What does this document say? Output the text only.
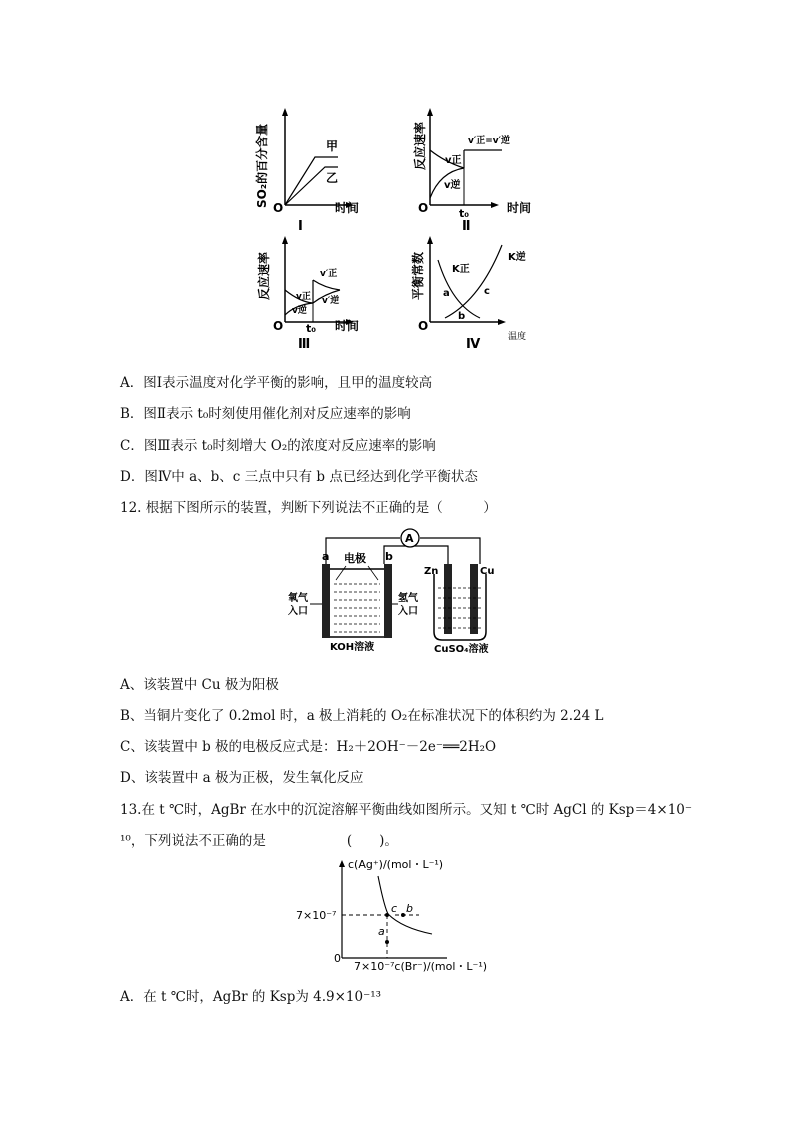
甲
乙
O	时间
SO₂的百分含量
Ⅰ
v正
v逆
v′正=v′逆
O	t₀	时间
反应速率
Ⅱ
v正
v逆
v′正
v′逆
O t₀ 时间
反应速率
Ⅲ
K正
K逆
a
b
c
O
温度
平衡常数
Ⅳ
A．图Ⅰ表示温度对化学平衡的影响，且甲的温度较高
B．图Ⅱ表示 t₀时刻使用催化剂对反应速率的影响
C．图Ⅲ表示 t₀时刻增大 O₂的浓度对反应速率的影响
D．图Ⅳ中 a、b、c 三点中只有 b 点已经达到化学平衡状态
12. 根据下图所示的装置，判断下列说法不正确的是（　　　）
A
a	b
电极
氧气
入口
氢气
入口
KOH溶液
Zn	Cu
CuSO₄溶液
A、该装置中 Cu 极为阳极
B、当铜片变化了 0.2mol 时，a 极上消耗的 O₂在标准状况下的体积约为 2.24 L
C、该装置中 b 极的电极反应式是：H₂＋2OH⁻－2e⁻══2H₂O
D、该装置中 a 极为正极，发生氧化反应
13.在 t ℃时，AgBr 在水中的沉淀溶解平衡曲线如图所示。又知 t ℃时 AgCl 的 Ksp＝4×10⁻
¹⁰，下列说法不正确的是　　　　　　(　　)。
c b
a
c(Ag⁺)/(mol・L⁻¹)
7×10⁻⁷
0
7×10⁻⁷c(Br⁻)/(mol・L⁻¹)
A．在 t ℃时，AgBr 的 Ksp为 4.9×10⁻¹³
